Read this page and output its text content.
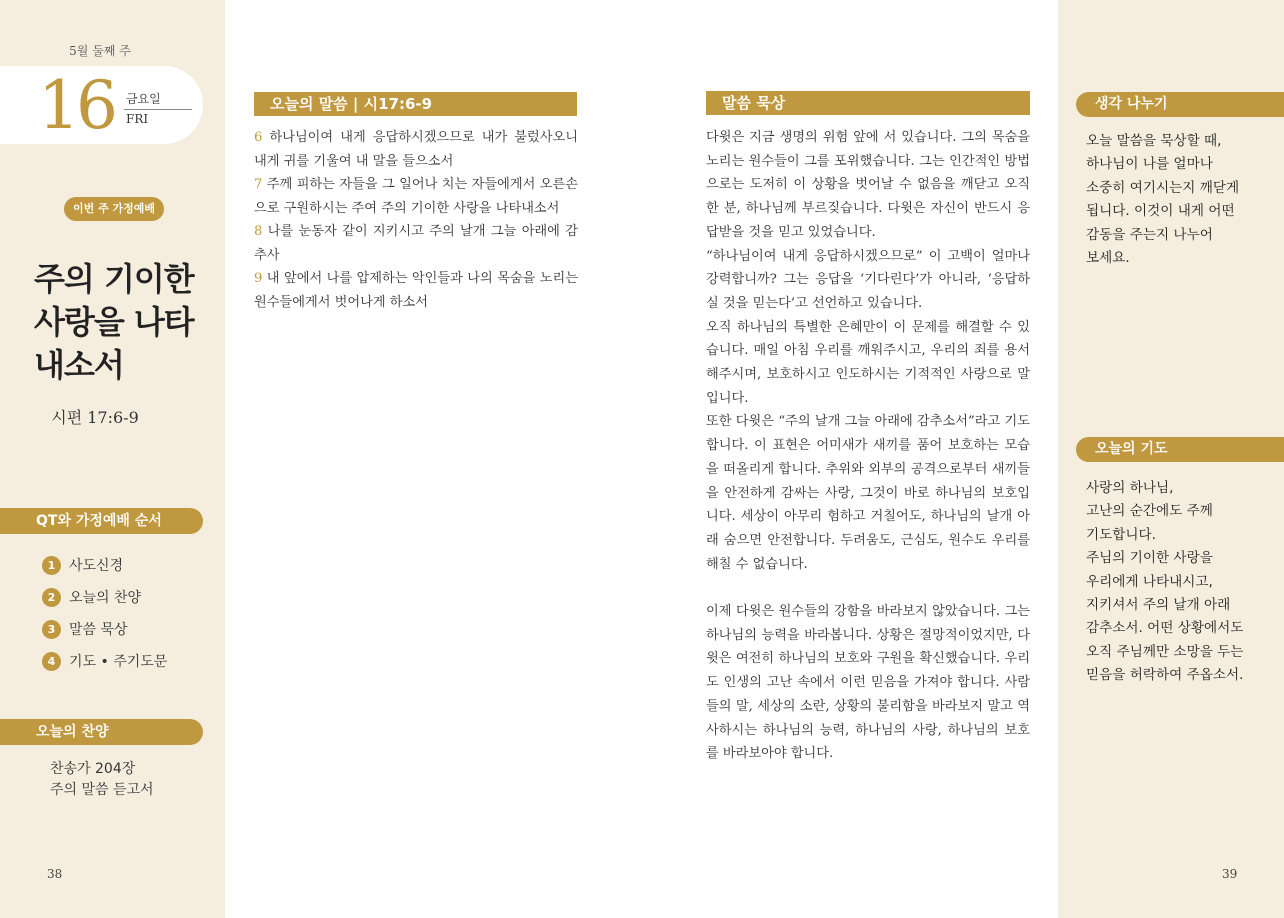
5월 둘째 주
16 금요일
FRI
이번 주 가정예배
주의 기이한
사랑을 나타
내소서
시편 17:6-9
QT와 가정예배 순서
1 사도신경
2 오늘의 찬양
3 말씀 묵상
4 기도 • 주기도문
오늘의 찬양
찬송가 204장
주의 말씀 듣고서
38
오늘의 말씀 | 시17:6-9

6 하나님이여 내게 응답하시겠으므로 내가 불렀사오니 내게 귀를 기울여 내 말을 들으소서

7 주께 피하는 자들을 그 일어나 치는 자들에게서 오른손으로 구원하시는 주여 주의 기이한 사랑을 나타내소서

8 나를 눈동자 같이 지키시고 주의 날개 그늘 아래에 감추사

9 내 앞에서 나를 압제하는 악인들과 나의 목숨을 노리는 원수들에게서 벗어나게 하소서

말씀 묵상

다윗은 지금 생명의 위험 앞에 서 있습니다. 그의 목숨을 노리는 원수들이 그를 포위했습니다. 그는 인간적인 방법으로는 도저히 이 상황을 벗어날 수 없음을 깨닫고 오직 한 분, 하나님께 부르짖습니다. 다윗은 자신이 반드시 응답받을 것을 믿고 있었습니다.

“하나님이여 내게 응답하시겠으므로” 이 고백이 얼마나 강력합니까? 그는 응답을 ‘기다린다’가 아니라, ‘응답하실 것을 믿는다’고 선언하고 있습니다.

오직 하나님의 특별한 은혜만이 이 문제를 해결할 수 있습니다. 매일 아침 우리를 깨워주시고, 우리의 죄를 용서해주시며, 보호하시고 인도하시는 기적적인 사랑으로 말입니다.

또한 다윗은 “주의 날개 그늘 아래에 감추소서”라고 기도합니다. 이 표현은 어미새가 새끼를 품어 보호하는 모습을 떠올리게 합니다. 추위와 외부의 공격으로부터 새끼들을 안전하게 감싸는 사랑, 그것이 바로 하나님의 보호입니다. 세상이 아무리 험하고 거칠어도, 하나님의 날개 아래 숨으면 안전합니다. 두려움도, 근심도, 원수도 우리를 해칠 수 없습니다.

이제 다윗은 원수들의 강함을 바라보지 않았습니다. 그는 하나님의 능력을 바라봅니다. 상황은 절망적이었지만, 다윗은 여전히 하나님의 보호와 구원을 확신했습니다. 우리도 인생의 고난 속에서 이런 믿음을 가져야 합니다. 사람들의 말, 세상의 소란, 상황의 불리함을 바라보지 말고 역사하시는 하나님의 능력, 하나님의 사랑, 하나님의 보호를 바라보아야 합니다.

생각 나누기
오늘 말씀을 묵상할 때,
하나님이 나를 얼마나
소중히 여기시는지 깨닫게
됩니다. 이것이 내게 어떤
감동을 주는지 나누어
보세요.
오늘의 기도
사랑의 하나님,
고난의 순간에도 주께
기도합니다.
주님의 기이한 사랑을
우리에게 나타내시고,
지키셔서 주의 날개 아래
감추소서. 어떤 상황에서도
오직 주님께만 소망을 두는
믿음을 허락하여 주옵소서.
39
